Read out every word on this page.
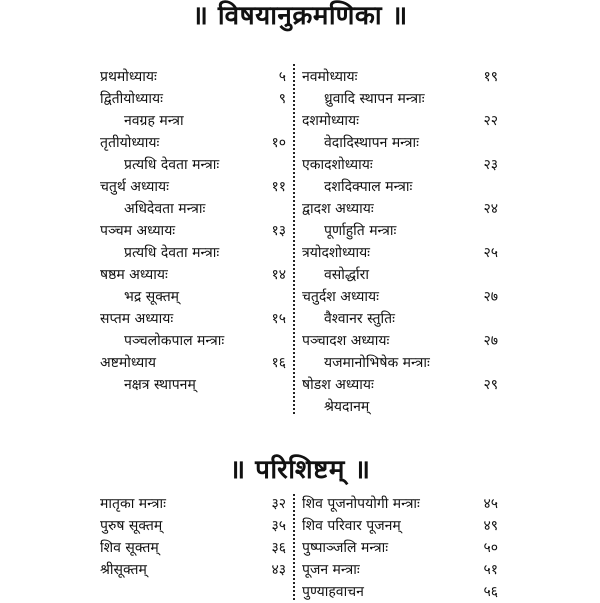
॥ विषयानुक्रमणिका ॥
प्रथमोध्यायः	५
द्वितीयोध्यायः	९
नवग्रह मन्त्रा
तृतीयोध्यायः	१०
प्रत्यधि देवता मन्त्राः
चतुर्थ अध्यायः	११
अधिदेवता मन्त्राः
पञ्चम अध्यायः	१३
प्रत्यधि देवता मन्त्राः
षष्ठम अध्यायः	१४
भद्र सूक्तम्
सप्तम अध्यायः	१५
पञ्चलोकपाल मन्त्राः
अष्टमोध्याय	१६
नक्षत्र स्थापनम्
नवमोध्यायः	१९
ध्रुवादि स्थापन मन्त्राः
दशमोध्यायः	२२
वेदादिस्थापन मन्त्राः
एकादशोध्यायः	२३
दशदिक्पाल मन्त्राः
द्वादश अध्यायः	२४
पूर्णाहुति मन्त्राः
त्रयोदशोध्यायः	२५
वसोर्द्धारा
चतुर्दश अध्यायः	२७
वैश्वानर स्तुतिः
पञ्चादश अध्यायः	२७
यजमानोभिषेक मन्त्राः
षोडश अध्यायः	२९
श्रेयदानम्
॥ परिशिष्टम् ॥
मातृका मन्त्राः	३२
पुरुष सूक्तम्	३५
शिव सूक्तम्	३६
श्रीसूक्तम्	४३
शिव पूजनोपयोगी मन्त्राः	४५
शिव परिवार पूजनम्	४९
पुष्पाञ्जलि मन्त्राः	५०
पूजन मन्त्राः	५१
पुण्याहवाचन	५६
